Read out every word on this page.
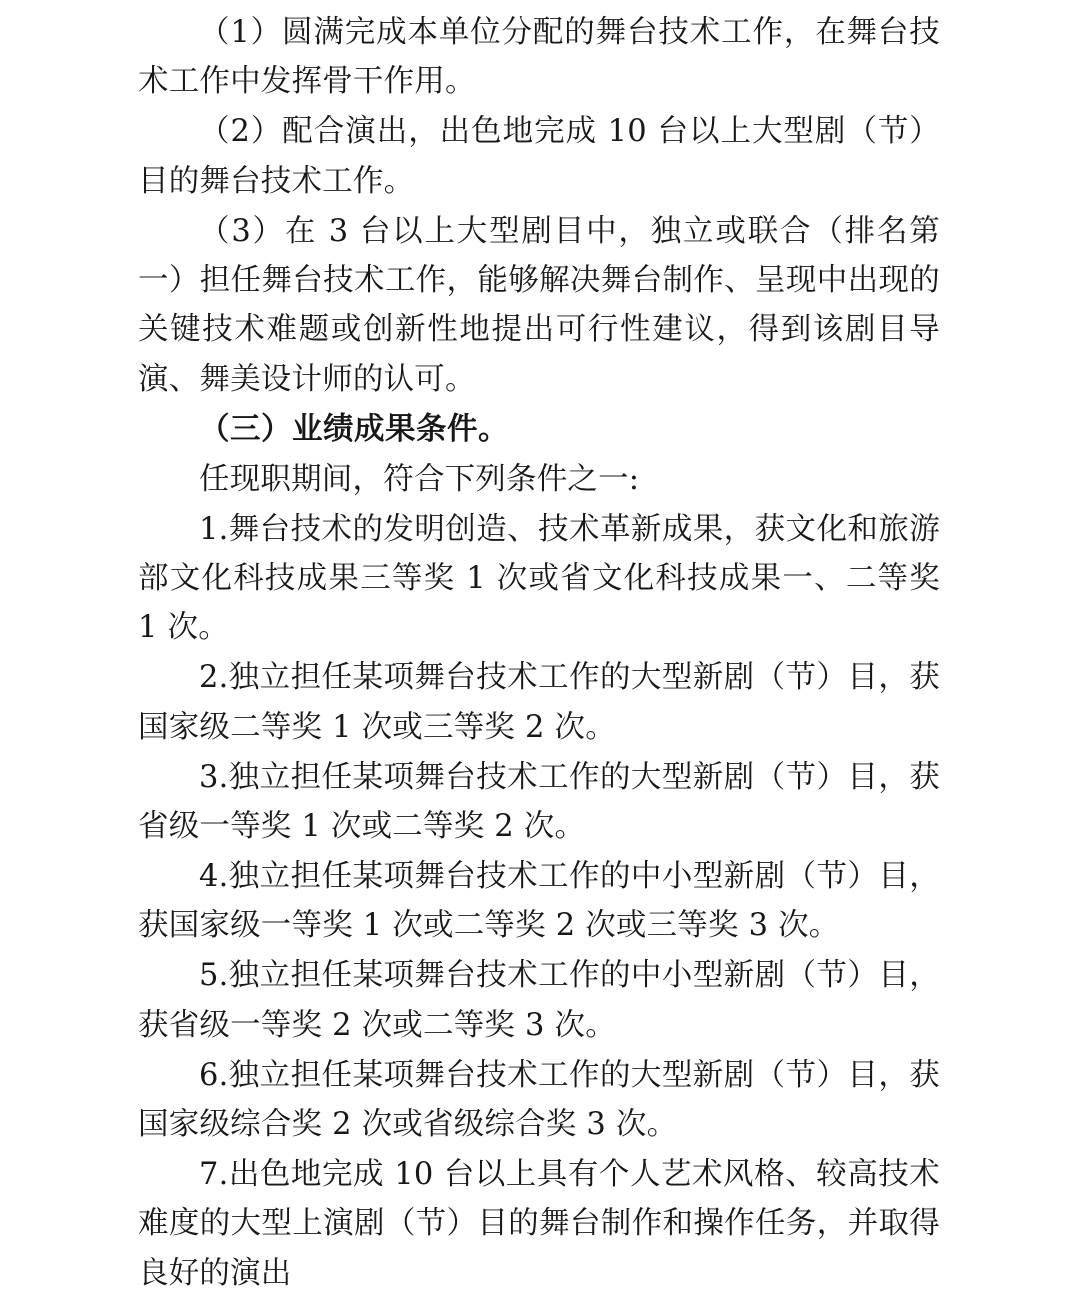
（1）圆满完成本单位分配的舞台技术工作，在舞台技术工作中发挥骨干作用。

（2）配合演出，出色地完成 10 台以上大型剧（节）目的舞台技术工作。

（3）在 3 台以上大型剧目中，独立或联合（排名第一）担任舞台技术工作，能够解决舞台制作、呈现中出现的关键技术难题或创新性地提出可行性建议，得到该剧目导演、舞美设计师的认可。

（三）业绩成果条件。

任现职期间，符合下列条件之一:

1.舞台技术的发明创造、技术革新成果，获文化和旅游部文化科技成果三等奖 1 次或省文化科技成果一、二等奖 1 次。

2.独立担任某项舞台技术工作的大型新剧（节）目，获国家级二等奖 1 次或三等奖 2 次。

3.独立担任某项舞台技术工作的大型新剧（节）目，获省级一等奖 1 次或二等奖 2 次。

4.独立担任某项舞台技术工作的中小型新剧（节）目，获国家级一等奖 1 次或二等奖 2 次或三等奖 3 次。

5.独立担任某项舞台技术工作的中小型新剧（节）目，获省级一等奖 2 次或二等奖 3 次。

6.独立担任某项舞台技术工作的大型新剧（节）目，获国家级综合奖 2 次或省级综合奖 3 次。

7.出色地完成 10 台以上具有个人艺术风格、较高技术难度的大型上演剧（节）目的舞台制作和操作任务，并取得良好的演出
